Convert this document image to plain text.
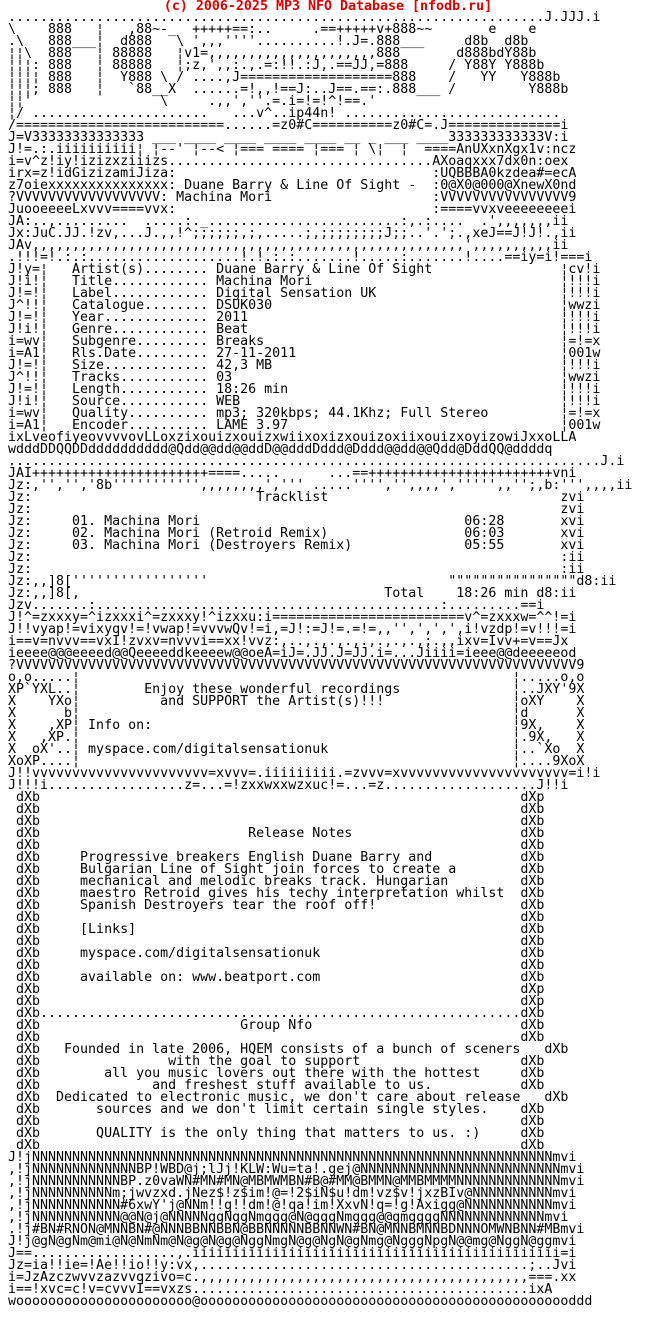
(c) 2006-2025 MP3 NFO Database [nfodb.ru]
...................................................................J.JJJ.i
\    888   ¦   ,88~-_  +++++==:..     .==+++++v+888~~       e    e
.\   888___¦  d888   \ ',,,''''..........!.J=.888___     d8b  d8b
¦¦\  888   ¦ 88888   ¦v1=,,,,,,,,,,,,,,,,,,,,,888       d888bdY88b
¦¦¦: 888   ¦ 88888   ¦;z,',,:.,.=:!!.:J,.==JJ,=888     / Y88Y Y888b
¦¦¦¦ 888   ¦  Y888 \ / ....,J===================888    /   YY   Y888b
¦¦¦; 888   ¦   `88__X  ......=!,,!==J:..J==.==:.888___ /         Y888b
¦¦'                \     .,,',''.=.i=!=!^!==.'
¦/ ......................   ...v^..ip44n! ...........................
/==========================......=z0#C==========z0#C=.J==============i
J=V33333333333333 ___ ____ ____ ____ ____ __ _ ___ ____333333333333V:i
J!=.:.iiiiiiiiii¦ ¦--' ¦--< ¦=== ==== ¦=== ¦ \¦  ¦  ====AnUXxnXgx1v:ncz
i=v^z!iy!izizxziiizs.................................AXoaqxxx7dx0n:oex
irx=z!idGizizamiJiza:                                :UQBBBA0kzdea#=ecA
z7oiexxxxxxxxxxxxxxx: Duane Barry & Line Of Sight -  :0@X0@000@XnewX0nd
?VVVVVVVVVVVVVVVVVV: Machina Mori                    :VVVVVVVVVVVVVVVV9
JuooeeeeLxvvv====vvx:                                :====vvxveeeeeeeei
JA:..,.........  .....:._........................:,.:....  .',,,,,,,ii
Jx:JuC.JJ.!zv,...J.,,!^;;;;;;,;,.....;,;;;;;;;;J;;..'.';.,xeJ==J!J!.,ii
JAv,,,,,,,,,,,,,,,,,,,,,,,,,,,,,,,,,,,,,,,,,,,,,,,,,,,,,,',,,,,,,,,,ii
.!!!=!.:.:...................!.!.:.:.......!.....:.......!....==iy=i!===i
J!y=¦   Artist(s)........ Duane Barry & Line Of Sight                ¦cv!i
J!i!¦   Title............ Machina Mori                               ¦!!!i
J!=!¦   Label............ Digital Sensation UK                       ¦!!!i
J^!!¦   Catalogue........ DSUK030                                    ¦wwzi
J!=!¦   Year............. 2011                                       ¦!!!i
J!i!¦   Genre............ Beat                                       ¦!!!i
i=wv¦   Subgenre......... Breaks                                     ¦=!=x
i=A1¦   Rls.Date......... 27-11-2011                                 ¦001w
J!=!¦   Size............. 42,3 MB                                    ¦!!!i
J^!!¦   Tracks........... 03                                         ¦wwzi
J!=!¦   Length........... 18:26 min                                  ¦!!!i
J!i!¦   Source........... WEB                                        ¦!!!i
i=wv¦   Quality.......... mp3; 320kbps; 44.1Khz; Full Stereo         ¦=!=x
i=A1¦   Encoder.......... LAME 3.97                                  ¦001w
ixLveofiyeovvvvovLLoxzixouizxouizxwiixoxizxouizoxiixouizxoyizowiJxxoLLA
wdddDDQQDDdddddddddd@Qdd@@dd@@ddD@@dddDddd@Dddd@@dd@@Qdd@DddQQ@ddddq
..........................................................................J.i
JAI++++++++++++++++++++++====.....      ...==+++++++++++++++++++++++vni
Jz:,'','','8b''''''''''',,,,,,,,',''' .....'''','',,,,',''''',,'';,b:''',,,,ii
Jz:                            Tracklist                             zvi
Jz:                                                                  zvi
Jz:     01. Machina Mori                                 06:28       xvi
Jz:     02. Machina Mori (Retroid Remix)                 06:03       xvi
Jz:     03. Machina Mori (Destroyers Remix)              05:55       xvi
Jz:                                                                  :ii
Jz:                                                                  :ii
Jz:,,]8['''''''''''''''''                              """"""""""""""""d8:ii
Jz:,,]8[,                                      Total    18:26 min d8:ii
Jzv.......:...........................................:.........==i
J!^=zxxxy=^izxxxi^=zxxxy!^izxxu:i========================v^=zxxxw=^^!=i
J!!vyap!=vixyqv!=!vwap!=vvvwQv!=i,=J!:=J!=.=!=,,'',',',',i!vzdp!=v!!!=i
i==v=nvvv==vxI!zvxv=nvvvi==xx!vvz:,..,.,.,.,.,.,.,.,;.,,ixv=Ivv+=v==Jx
ieeee@@@eeeed@@Qeeeeddkeeeew@@oeA=iJ=.JJ.J=JJ.i=...Jiiii=ieee@@deeeeeod
?VVVVVVVVVVVVVVVVVVVVVVVVVVVVVVVVVVVVVVVVVVVVVVVVVVVVVVVVVVVVVVVVVVVVVV9
o,o.....¦                                                      ¦.....o,o
XP`YXL..¦        Enjoy these wonderful recordings              ¦..JXY'9X
X    YXo¦          and SUPPORT the Artist(s)!!!                ¦oXY    X
X      b¦                                                      ¦d      X
X    ,XP¦ Info on:                                             ¦9X,    X
X   ,XP.¦                                                      ¦.9X,   X
X  oX'..¦ myspace.com/digitalsensationuk                       ¦..`Xo  X
XoXP....¦                                                      ¦....9XoX
J!!vvvvvvvvvvvvvvvvvvvvvv=xvvv=.iiiiiiiii.=zvvv=xvvvvvvvvvvvvvvvvvvvvv=i!i
J!!!i.................z=...=!zxxwxxwzxuc!=...=z...................J!!i
dXb                                                            dXp
dXb                                                            dXb
dXb                                                            dXb
dXb                          Release Notes                     dXb
dXb                                                            dXb
dXb     Progressive breakers English Duane Barry and           dXb
dXb     Bulgarian Line of Sight join forces to create a        dXb
dXb     mechanical and melodic breaks track. Hungarian         dXb
dXb     maestro Retroid gives his techy interpretation whilst  dXb
dXb     Spanish Destroyers tear the roof off!                  dXb
dXb                                                            dXb
dXb     [Links]                                                dXb
dXb                                                            dXb
dXb     myspace.com/digitalsensationuk                         dXb
dXb                                                            dXb
dXb     available on: www.beatport.com                         dXb
dXb                                                            dXp
dXb                                                            dXp
dXb............................................................dXb
dXb                         Group Nfo                          dXb
dXb                                                            dXb
dXb   Founded in late 2006, HQEM consists of a bunch of sceners   dXb
dXb                with the goal to support                    dXb
dXb        all you music lovers out there with the hottest     dXb
dXb              and freshest stuff available to us.           dXb
dXb  Dedicated to electronic music, we don't care about release   dXb
dXb       sources and we don't limit certain single styles.    dXb
dXb                                                            dXb
dXb       QUALITY is the only thing that matters to us. :)     dXb
dXb                                                            dXb
J!jNNNNNNNNNNNNNNNNNNNNNNNNNNNNNNNNNNNNNNNNNNNNNNNNNNNNNNNNNNNNNNNNNmvi
,!jNNNNNNNNNNNNNBP!WBD@j;lJj!KLW:Wu=ta!.gej@NNNNNNNNNNNNNNNNNNNNNNNNNmvi
,!jNNNNNNNNNNNBP.z0vaWN#MN#MN@MBMWMBN#B@#MM@BMMN@MMBMMMMNNNNNNNNNNNNNmvi
,!jNNNNNNNNNNm;jwvzxd.jNez$!z$im!@=!2$iN$u!dm!vz$v!jxzBIv@NNNNNNNNNNmvi
,!jNNNNNNNNNNN#6xwY'j@NNm!!g!!dm!@!qa!im!XxvN!q=!g!Axigg@NNNNNNNNNNNmvi
,!jNNNNNNNNNNN@@N@j@NNNNNggNggNmggg@N@gggNmggg@@gmggggNNNNNNNNNNNNNmvi
.!j#BN#RNON@MNNBN#@NNNBBNNBBN@BBNNNNNBBNNWN#BN@MNNBMNNBDNNNOMWNBNN#MBmvi
J!j@gN@gNm@mi@N@NmNm@N@g@N@g@NggNmgN@g@NgN@gNmg@NgggNpgN@@mg@NggN@ggmvi
J==..................,.iiiiiiiiiiiiiiiiiiiiiiiiiiiiiiiiiiiiiiiiiiiiii=i
Jz=ia!!ie=!Ae!!io!!y:vx,.........................................;..Jvi
i=JzAzczwvvzazvvqzivo=c.,,,,,,,,,,,,,,,,,,,,,,,,,,,,,,,,,,,,,,,,,===.xx
i==!xvc=c!v=cvvvI==vxzs..........................................ixA
woooooooooooooooooooooo@ooooooooooooooooooooooooooooooooooooooooooooooddd
